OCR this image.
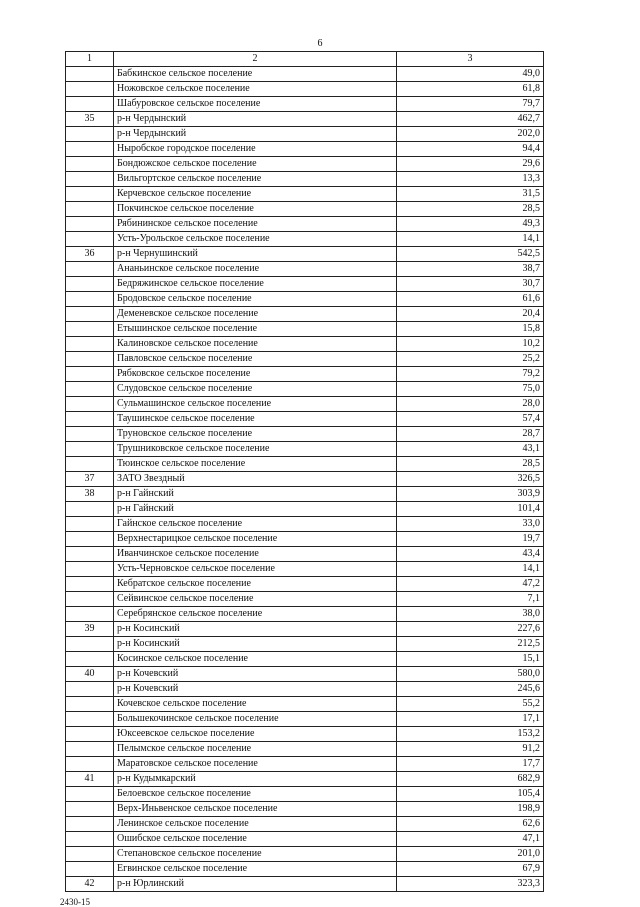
6
1	2	3
	Бабкинское сельское поселение	49,0
	Ножовское сельское поселение	61,8
	Шабуровское сельское поселение	79,7
35	р-н Чердынский	462,7
	р-н Чердынский	202,0
	Ныробское городское поселение	94,4
	Бондюжское сельское поселение	29,6
	Вильгортское сельское поселение	13,3
	Керчевское сельское поселение	31,5
	Покчинское сельское поселение	28,5
	Рябининское сельское поселение	49,3
	Усть-Урольское сельское поселение	14,1
36	р-н Чернушинский	542,5
	Ананьинское сельское поселение	38,7
	Бедряжинское сельское поселение	30,7
	Бродовское сельское поселение	61,6
	Деменевское сельское поселение	20,4
	Етышинское сельское поселение	15,8
	Калиновское сельское поселение	10,2
	Павловское сельское поселение	25,2
	Рябковское сельское поселение	79,2
	Слудовское сельское поселение	75,0
	Сульмашинское сельское поселение	28,0
	Таушинское сельское поселение	57,4
	Труновское сельское поселение	28,7
	Трушниковское сельское поселение	43,1
	Тюинское сельское поселение	28,5
37	ЗАТО Звездный	326,5
38	р-н Гайнский	303,9
	р-н Гайнский	101,4
	Гайнское сельское поселение	33,0
	Верхнестарицкое сельское поселение	19,7
	Иванчинское сельское поселение	43,4
	Усть-Черновское сельское поселение	14,1
	Кебратское сельское поселение	47,2
	Сейвинское сельское поселение	7,1
	Серебрянское сельское поселение	38,0
39	р-н Косинский	227,6
	р-н Косинский	212,5
	Косинское сельское поселение	15,1
40	р-н Кочевский	580,0
	р-н Кочевский	245,6
	Кочевское сельское поселение	55,2
	Большекочинское сельское поселение	17,1
	Юксеевское сельское поселение	153,2
	Пелымское сельское поселение	91,2
	Маратовское сельское поселение	17,7
41	р-н Кудымкарский	682,9
	Белоевское сельское поселение	105,4
	Верх-Иньвенское сельское поселение	198,9
	Ленинское сельское поселение	62,6
	Ошибское сельское поселение	47,1
	Степановское сельское поселение	201,0
	Егвинское сельское поселение	67,9
42	р-н Юрлинский	323,3
2430-15
